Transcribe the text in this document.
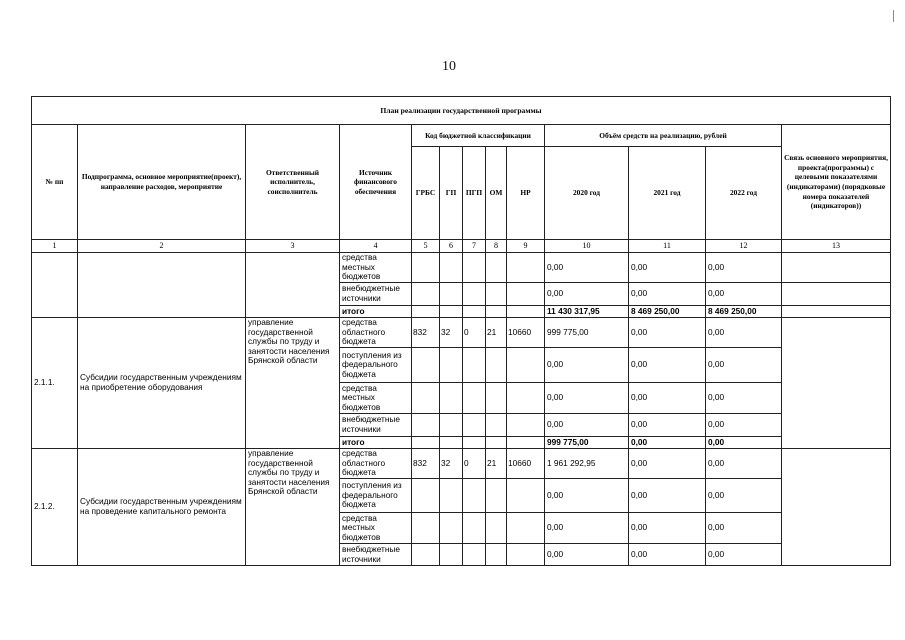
10
План реализации государственной программы												
№ пп	Подпрограмма, основное мероприятие(проект), направление расходов, мероприятие	Ответственный исполнитель, соисполнитель	Источник финансового обеспечения	Код бюджетной классификации					Объём средств на реализацию, рублей			Связь основного мероприятия, проекта(программы) с целевыми показателями (индикаторами) (порядковые номера показателей (индикаторов))
				ГРБС	ГП	ПГП	ОМ	НР	2020 год	2021 год	2022 год	

1	2	3	4	5	6	7	8	9	10	11	12	13
			средства местных бюджетов						0,00	0,00	0,00	
			внебюджетные источники						0,00	0,00	0,00	
			итого						11 430 317,95	8 469 250,00	8 469 250,00	
2.1.1.	Субсидии государственным учреждениям на приобретение оборудования	управление государственной службы по труду и занятости населения Брянской области	средства областного бюджета	832	32	0	21	10660	999 775,00	0,00	0,00	
			поступления из федерального бюджета						0,00	0,00	0,00	
			средства местных бюджетов						0,00	0,00	0,00	
			внебюджетные источники						0,00	0,00	0,00	
			итого						999 775,00	0,00	0,00	
2.1.2.	Субсидии государственным учреждениям на проведение капитального ремонта	управление государственной службы по труду и занятости населения Брянской области	средства областного бюджета	832	32	0	21	10660	1 961 292,95	0,00	0,00	
			поступления из федерального бюджета						0,00	0,00	0,00	
			средства местных бюджетов						0,00	0,00	0,00	
			внебюджетные источники						0,00	0,00	0,00	
